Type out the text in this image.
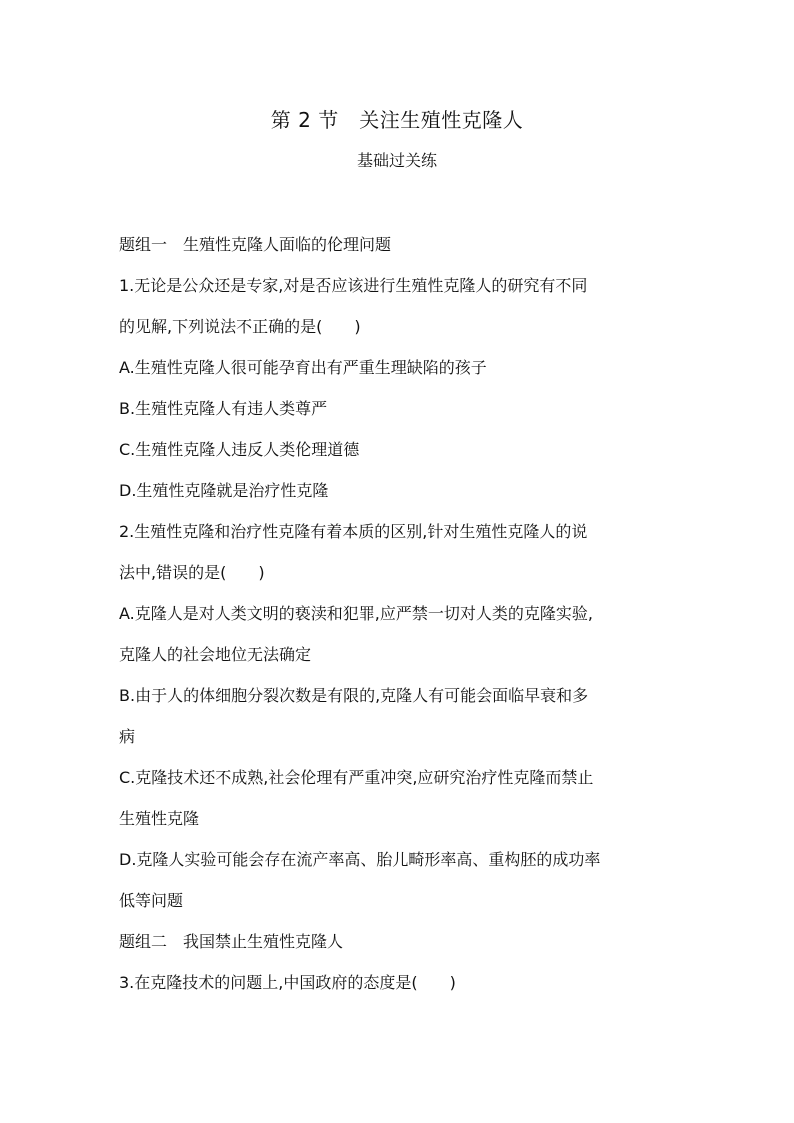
第 2 节　关注生殖性克隆人
基础过关练
题组一　生殖性克隆人面临的伦理问题
1.无论是公众还是专家,对是否应该进行生殖性克隆人的研究有不同
的见解,下列说法不正确的是(　　)
A.生殖性克隆人很可能孕育出有严重生理缺陷的孩子
B.生殖性克隆人有违人类尊严
C.生殖性克隆人违反人类伦理道德
D.生殖性克隆就是治疗性克隆
2.生殖性克隆和治疗性克隆有着本质的区别,针对生殖性克隆人的说
法中,错误的是(　　)
A.克隆人是对人类文明的亵渎和犯罪,应严禁一切对人类的克隆实验,
克隆人的社会地位无法确定
B.由于人的体细胞分裂次数是有限的,克隆人有可能会面临早衰和多
病
C.克隆技术还不成熟,社会伦理有严重冲突,应研究治疗性克隆而禁止
生殖性克隆
D.克隆人实验可能会存在流产率高、胎儿畸形率高、重构胚的成功率
低等问题
题组二　我国禁止生殖性克隆人
3.在克隆技术的问题上,中国政府的态度是(　　)
